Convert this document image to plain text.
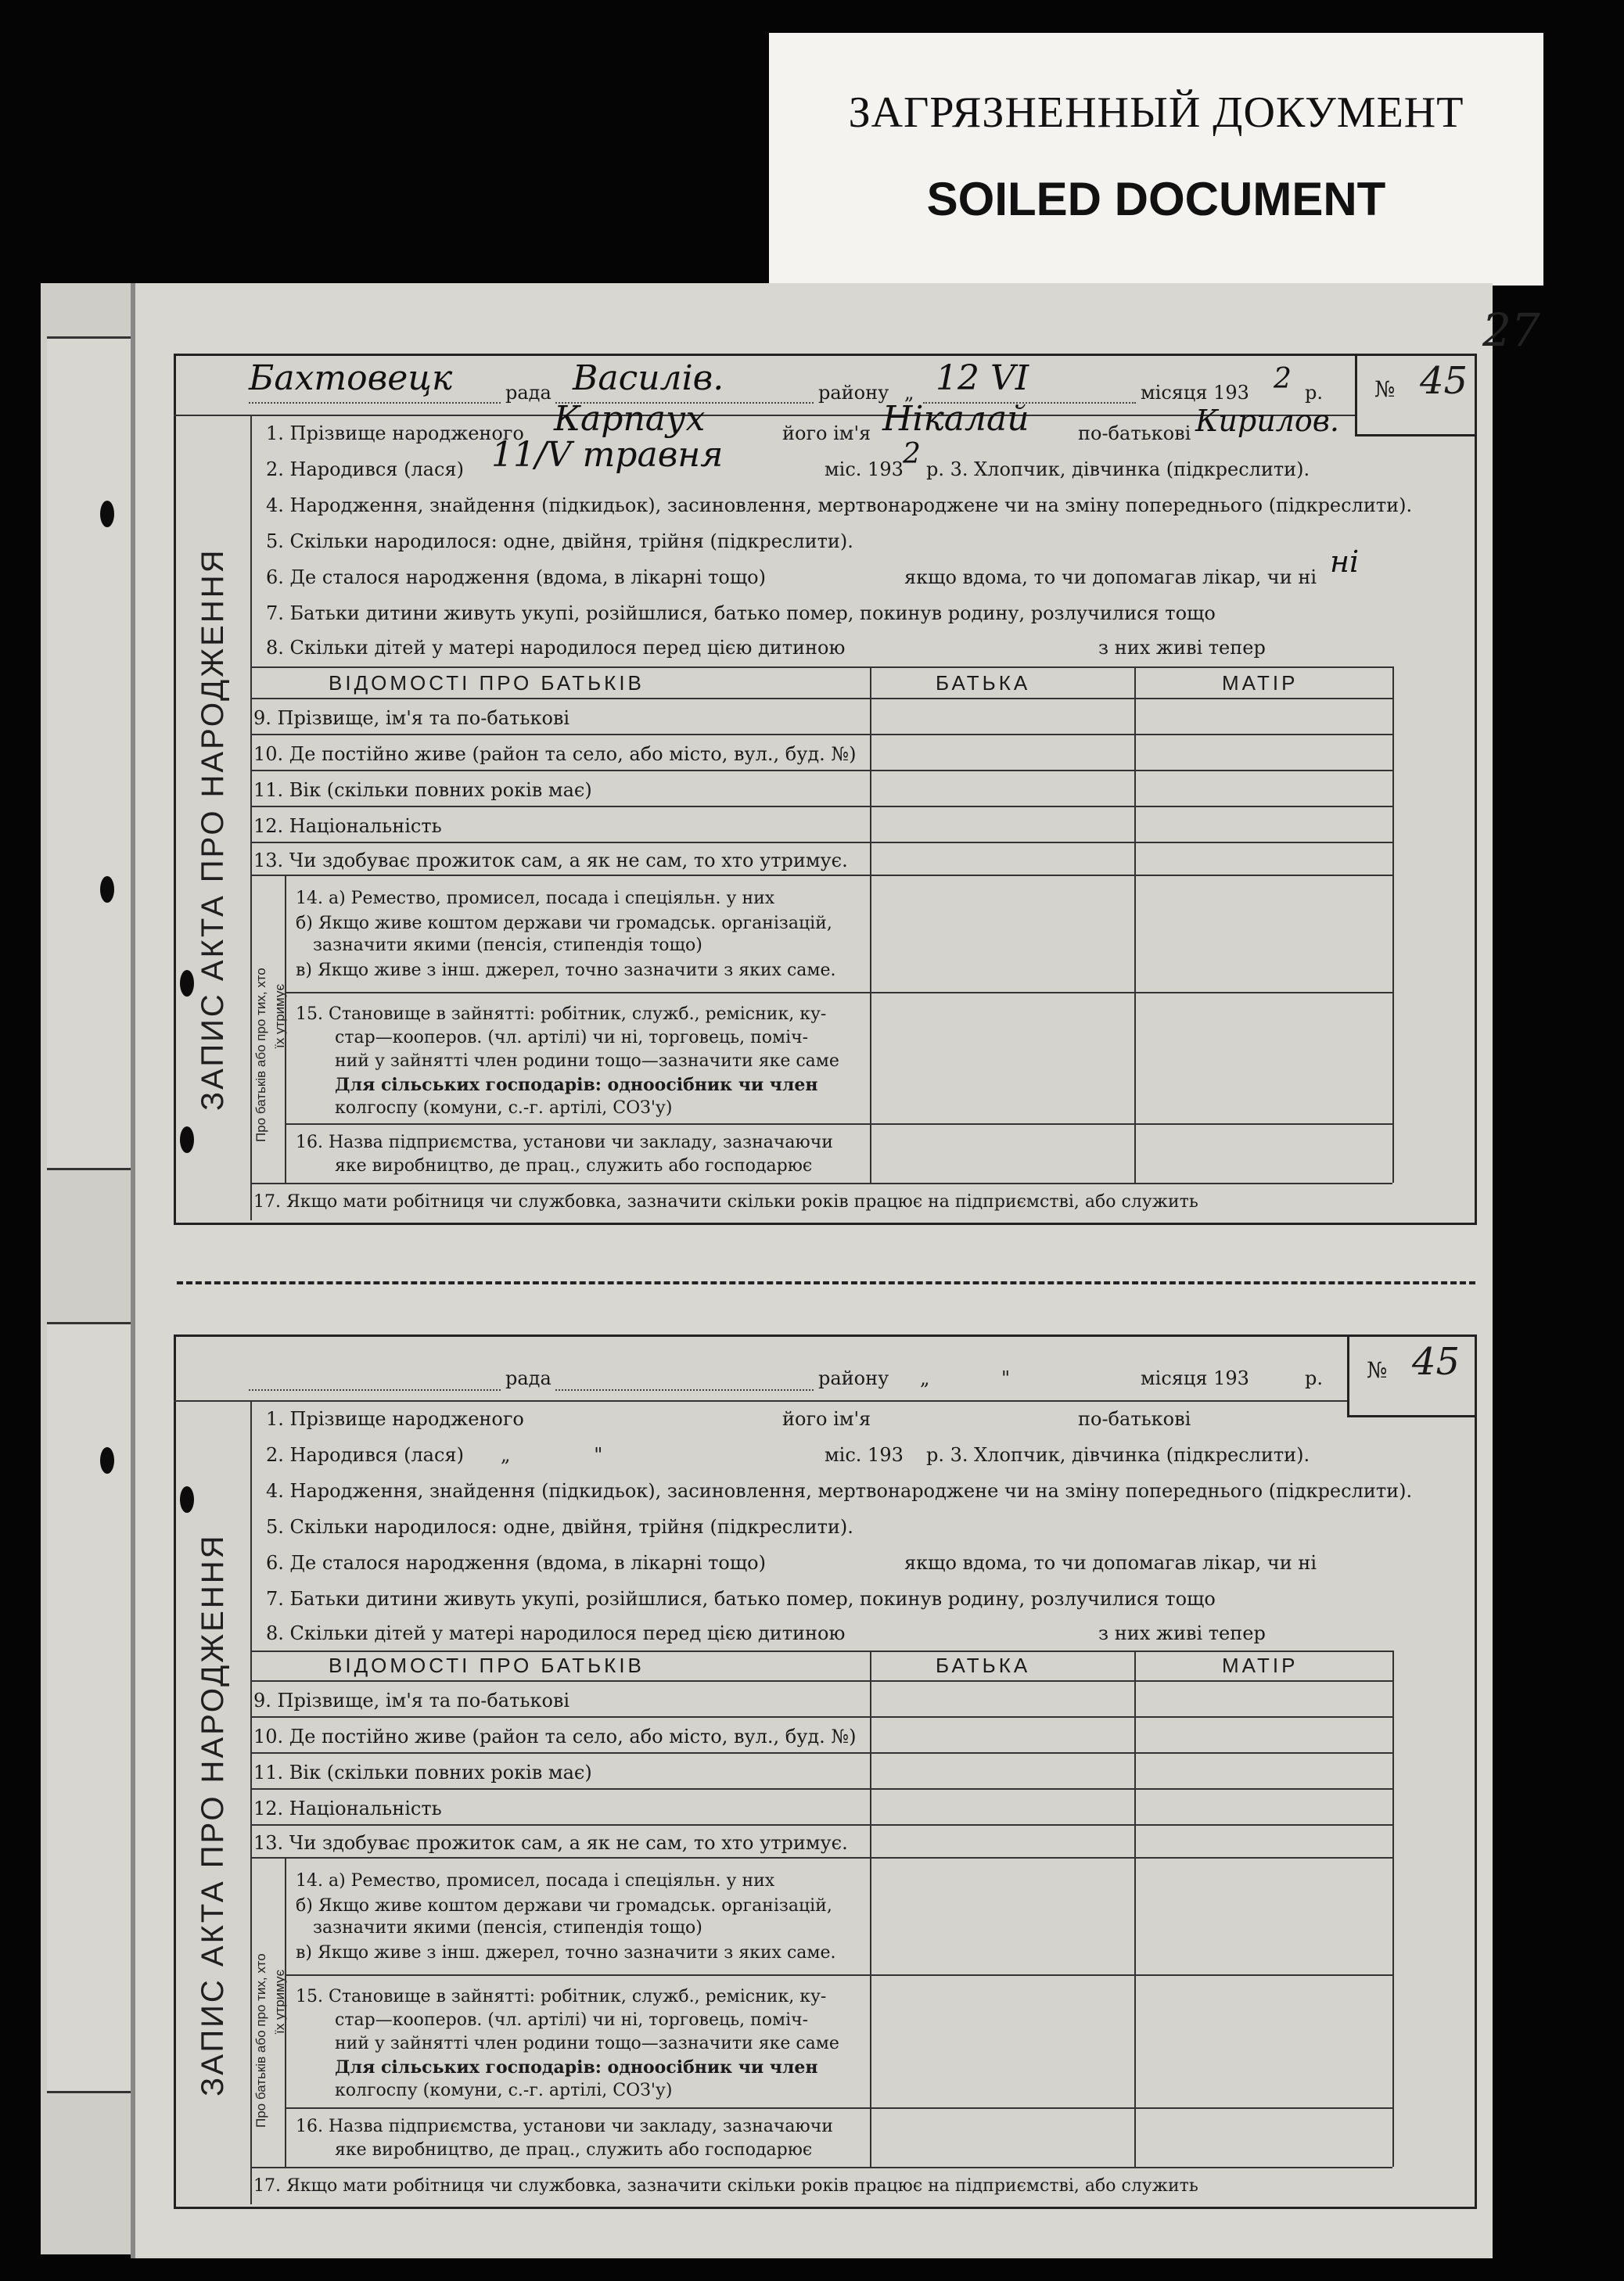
ЗАГРЯЗНЕННЫЙ ДОКУМЕНТ
SOILED DOCUMENT
27
№ 45
Бахтовецк	рада Василів.	району „ 12 VI	місяця 193 2 р.
ЗАПИС АКТА ПРО НАРОДЖЕННЯ Про батьків або про тих, хто їх утримує
1. Прізвище народженого Карпаух	його ім'я Нікалай	по-батькові Кирилов.
2. Народився (лася) 11/V травня	міс. 193 2 р. 3. Хлопчик, дівчинка (підкреслити).
4. Народження, знайдення (підкидьок), засиновлення, мертвонароджене чи на зміну попереднього (підкреслити).
5. Скільки народилося: одне, двійня, трійня (підкреслити).
6. Де сталося народження (вдома, в лікарні тощо)	якщо вдома, то чи допомагав лікар, чи ні ні
7. Батьки дитини живуть укупі, розійшлися, батько помер, покинув родину, розлучилися тощо
8. Скільки дітей у матері народилося перед цією дитиною	з них живі тепер
ВІДОМОСТІ ПРО БАТЬКІВ	БАТЬКА	МАТІР
9. Прізвище, ім'я та по-батькові
10. Де постійно живе (район та село, або місто, вул., буд. №)
11. Вік (скільки повних років має)
12. Національність
13. Чи здобуває прожиток сам, а як не сам, то хто утримує.
14. а) Ремество, промисел, посада і спеціяльн. у них
б) Якщо живе коштом держави чи громадськ. організацій,
зазначити якими (пенсія, стипендія тощо)
в) Якщо живе з інш. джерел, точно зазначити з яких саме.
15. Становище в зайнятті: робітник, служб., ремісник, ку-
стар—кооперов. (чл. артілі) чи ні, торговець, поміч-
ний у зайнятті член родини тощо—зазначити яке саме
Для сільських господарів: одноосібник чи член
колгоспу (комуни, с.-г. артілі, СОЗ'у)
16. Назва підприємства, установи чи закладу, зазначаючи
яке виробництво, де прац., служить або господарює
17. Якщо мати робітниця чи службовка, зазначити скільки років працює на підприємстві, або служить
№ 45
рада	району „            "	місяця 193	р.
ЗАПИС АКТА ПРО НАРОДЖЕННЯ Про батьків або про тих, хто їх утримує
1. Прізвище народженого	його ім'я	по-батькові
2. Народився (лася) „              "	міс. 193 р. 3. Хлопчик, дівчинка (підкреслити).
4. Народження, знайдення (підкидьок), засиновлення, мертвонароджене чи на зміну попереднього (підкреслити).
5. Скільки народилося: одне, двійня, трійня (підкреслити).
6. Де сталося народження (вдома, в лікарні тощо)	якщо вдома, то чи допомагав лікар, чи ні
7. Батьки дитини живуть укупі, розійшлися, батько помер, покинув родину, розлучилися тощо
8. Скільки дітей у матері народилося перед цією дитиною	з них живі тепер
ВІДОМОСТІ ПРО БАТЬКІВ	БАТЬКА	МАТІР
9. Прізвище, ім'я та по-батькові
10. Де постійно живе (район та село, або місто, вул., буд. №)
11. Вік (скільки повних років має)
12. Національність
13. Чи здобуває прожиток сам, а як не сам, то хто утримує.
14. а) Ремество, промисел, посада і спеціяльн. у них
б) Якщо живе коштом держави чи громадськ. організацій,
зазначити якими (пенсія, стипендія тощо)
в) Якщо живе з інш. джерел, точно зазначити з яких саме.
15. Становище в зайнятті: робітник, служб., ремісник, ку-
стар—кооперов. (чл. артілі) чи ні, торговець, поміч-
ний у зайнятті член родини тощо—зазначити яке саме
Для сільських господарів: одноосібник чи член
колгоспу (комуни, с.-г. артілі, СОЗ'у)
16. Назва підприємства, установи чи закладу, зазначаючи
яке виробництво, де прац., служить або господарює
17. Якщо мати робітниця чи службовка, зазначити скільки років працює на підприємстві, або служить
